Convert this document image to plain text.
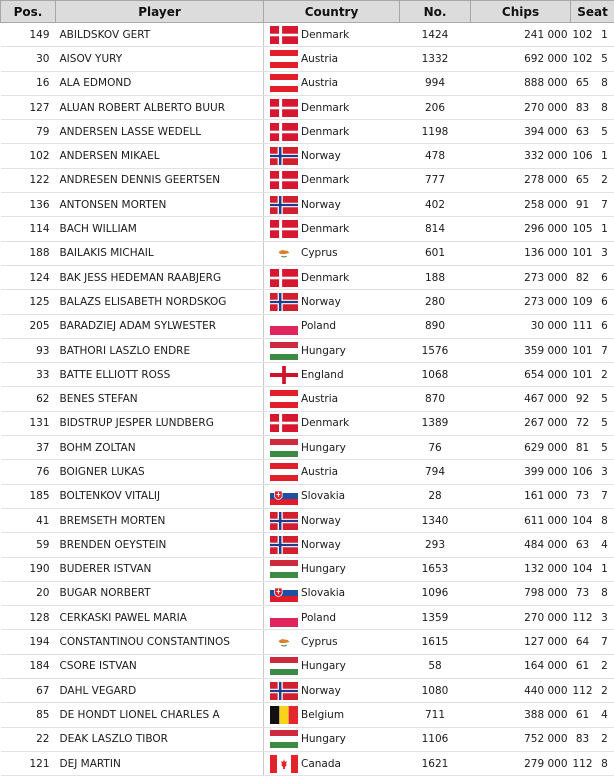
Pos.	Player	Country	No.	Chips	Seat	
149	ABILDSKOV GERT	Denmark	1424	241 000	102	1
30	AISOV YURY	Austria	1332	692 000	102	5
16	ALA EDMOND	Austria	994	888 000	65	8
127	ALUAN ROBERT ALBERTO BUUR	Denmark	206	270 000	83	8
79	ANDERSEN LASSE WEDELL	Denmark	1198	394 000	63	5
102	ANDERSEN MIKAEL	Norway	478	332 000	106	1
122	ANDRESEN DENNIS GEERTSEN	Denmark	777	278 000	65	2
136	ANTONSEN MORTEN	Norway	402	258 000	91	7
114	BACH WILLIAM	Denmark	814	296 000	105	1
188	BAILAKIS MICHAIL	Cyprus	601	136 000	101	3
124	BAK JESS HEDEMAN RAABJERG	Denmark	188	273 000	82	6
125	BALAZS ELISABETH NORDSKOG	Norway	280	273 000	109	6
205	BARADZIEJ ADAM SYLWESTER	Poland	890	30 000	111	6
93	BATHORI LASZLO ENDRE	Hungary	1576	359 000	101	7
33	BATTE ELLIOTT ROSS	England	1068	654 000	101	2
62	BENES STEFAN	Austria	870	467 000	92	5
131	BIDSTRUP JESPER LUNDBERG	Denmark	1389	267 000	72	5
37	BOHM ZOLTAN	Hungary	76	629 000	81	5
76	BOIGNER LUKAS	Austria	794	399 000	106	3
185	BOLTENKOV VITALIJ	Slovakia	28	161 000	73	7
41	BREMSETH MORTEN	Norway	1340	611 000	104	8
59	BRENDEN OEYSTEIN	Norway	293	484 000	63	4
190	BUDERER ISTVAN	Hungary	1653	132 000	104	1
20	BUGAR NORBERT	Slovakia	1096	798 000	73	8
128	CERKASKI PAWEL MARIA	Poland	1359	270 000	112	3
194	CONSTANTINOU CONSTANTINOS	Cyprus	1615	127 000	64	7
184	CSORE ISTVAN	Hungary	58	164 000	61	2
67	DAHL VEGARD	Norway	1080	440 000	112	2
85	DE HONDT LIONEL CHARLES A	Belgium	711	388 000	61	4
22	DEAK LASZLO TIBOR	Hungary	1106	752 000	83	2
121	DEJ MARTIN	Canada	1621	279 000	112	8
